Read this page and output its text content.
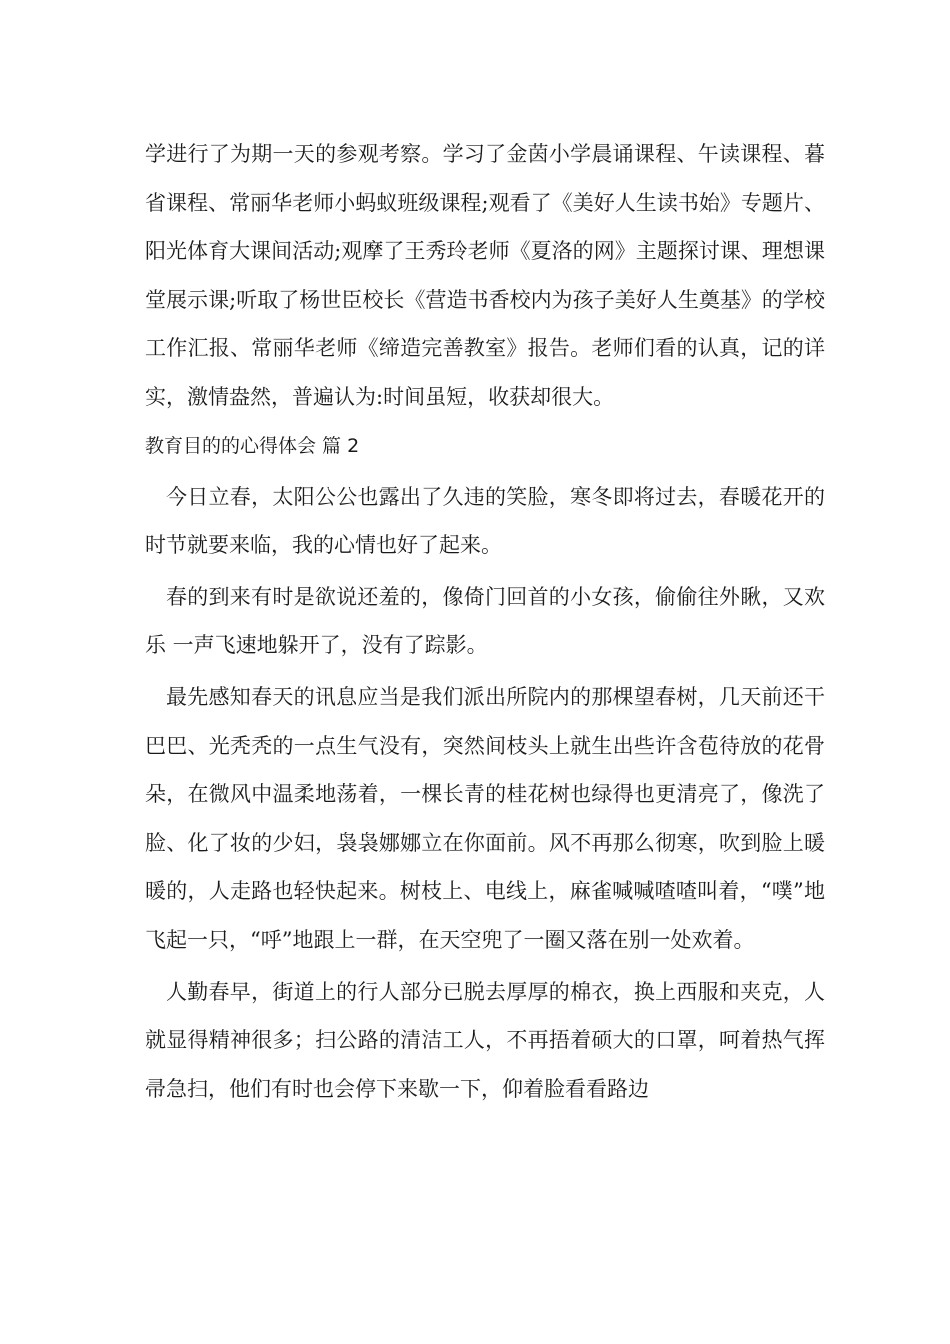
学进行了为期一天的参观考察。学习了金茵小学晨诵课程、午读课程、暮省课程、常丽华老师小蚂蚁班级课程;观看了《美好人生读书始》专题片、阳光体育大课间活动;观摩了王秀玲老师《夏洛的网》主题探讨课、理想课堂展示课;听取了杨世臣校长《营造书香校内为孩子美好人生奠基》的学校工作汇报、常丽华老师《缔造完善教室》报告。老师们看的认真，记的详实，激情盎然，普遍认为:时间虽短，收获却很大。

教育目的的心得体会 篇 2

今日立春，太阳公公也露出了久违的笑脸，寒冬即将过去，春暖花开的时节就要来临，我的心情也好了起来。

春的到来有时是欲说还羞的，像倚门回首的小女孩，偷偷往外瞅，又欢乐 一声飞速地躲开了，没有了踪影。

最先感知春天的讯息应当是我们派出所院内的那棵望春树，几天前还干巴巴、光秃秃的一点生气没有，突然间枝头上就生出些许含苞待放的花骨朵，在微风中温柔地荡着，一棵长青的桂花树也绿得也更清亮了，像洗了脸、化了妆的少妇，袅袅娜娜立在你面前。风不再那么彻寒，吹到脸上暖暖的，人走路也轻快起来。树枝上、电线上，麻雀喊喊喳喳叫着，“噗”地飞起一只，“呼”地跟上一群，在天空兜了一圈又落在别一处欢着。

人勤春早，街道上的行人部分已脱去厚厚的棉衣，换上西服和夹克，人就显得精神很多；扫公路的清洁工人，不再捂着硕大的口罩，呵着热气挥帚急扫，他们有时也会停下来歇一下，仰着脸看看路边
